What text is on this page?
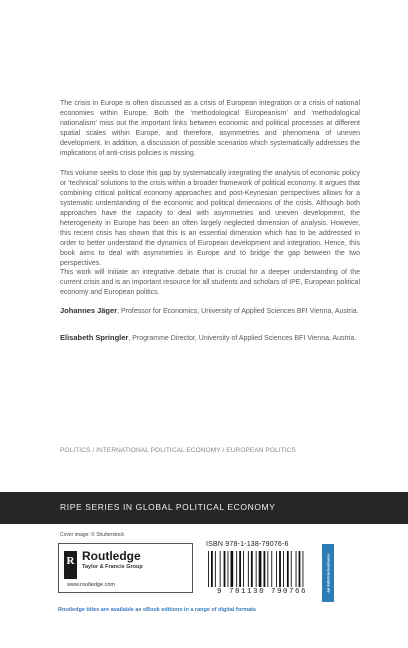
The crisis in Europe is often discussed as a crisis of European integration or a crisis of national economies within Europe. Both the ‘methodological Europeanism’ and ‘methodological nationalism’ miss out the important links between economic and political processes at different spatial scales within Europe, and therefore, asymmetries and phenomena of uneven development. In addition, a discussion of possible scenarios which systematically addresses the implications of anti-crisis policies is missing.

This volume seeks to close this gap by systematically integrating the analysis of economic policy or ‘technical’ solutions to the crisis within a broader framework of political economy. It argues that combining critical political economy approaches and post-Keynesian perspectives allows for a systematic understanding of the economic and political dimensions of the crisis. Although both approaches have the capacity to deal with asymmetries and uneven development, the heterogeneity in Europe has been an often largely neglected dimension of analysis. However, this recent crisis has shown that this is an essential dimension which has to be addressed in order to better understand the dynamics of European development and integration. Hence, this book aims to deal with asymmetries in Europe and to bridge the gap between the two perspectives.

This work will initiate an integrative debate that is crucial for a deeper understanding of the current crisis and is an important resource for all students and scholars of IPE, European political economy and European politics.

Johannes Jäger, Professor for Economics, University of Applied Sciences BFI Vienna, Austria.

Elisabeth Springler, Programme Director, University of Applied Sciences BFI Vienna, Austria.

POLITICS / INTERNATIONAL POLITICAL ECONOMY / EUROPEAN POLITICS
RIPE SERIES IN GLOBAL POLITICAL ECONOMY
Cover image: © Shutterstock
R Routledge
Taylor & Francis Group
www.routledge.com
ISBN 978-1-138-79076-6
9 781138 790766	an informa business
Routledge titles are available as eBook editions in a range of digital formats
